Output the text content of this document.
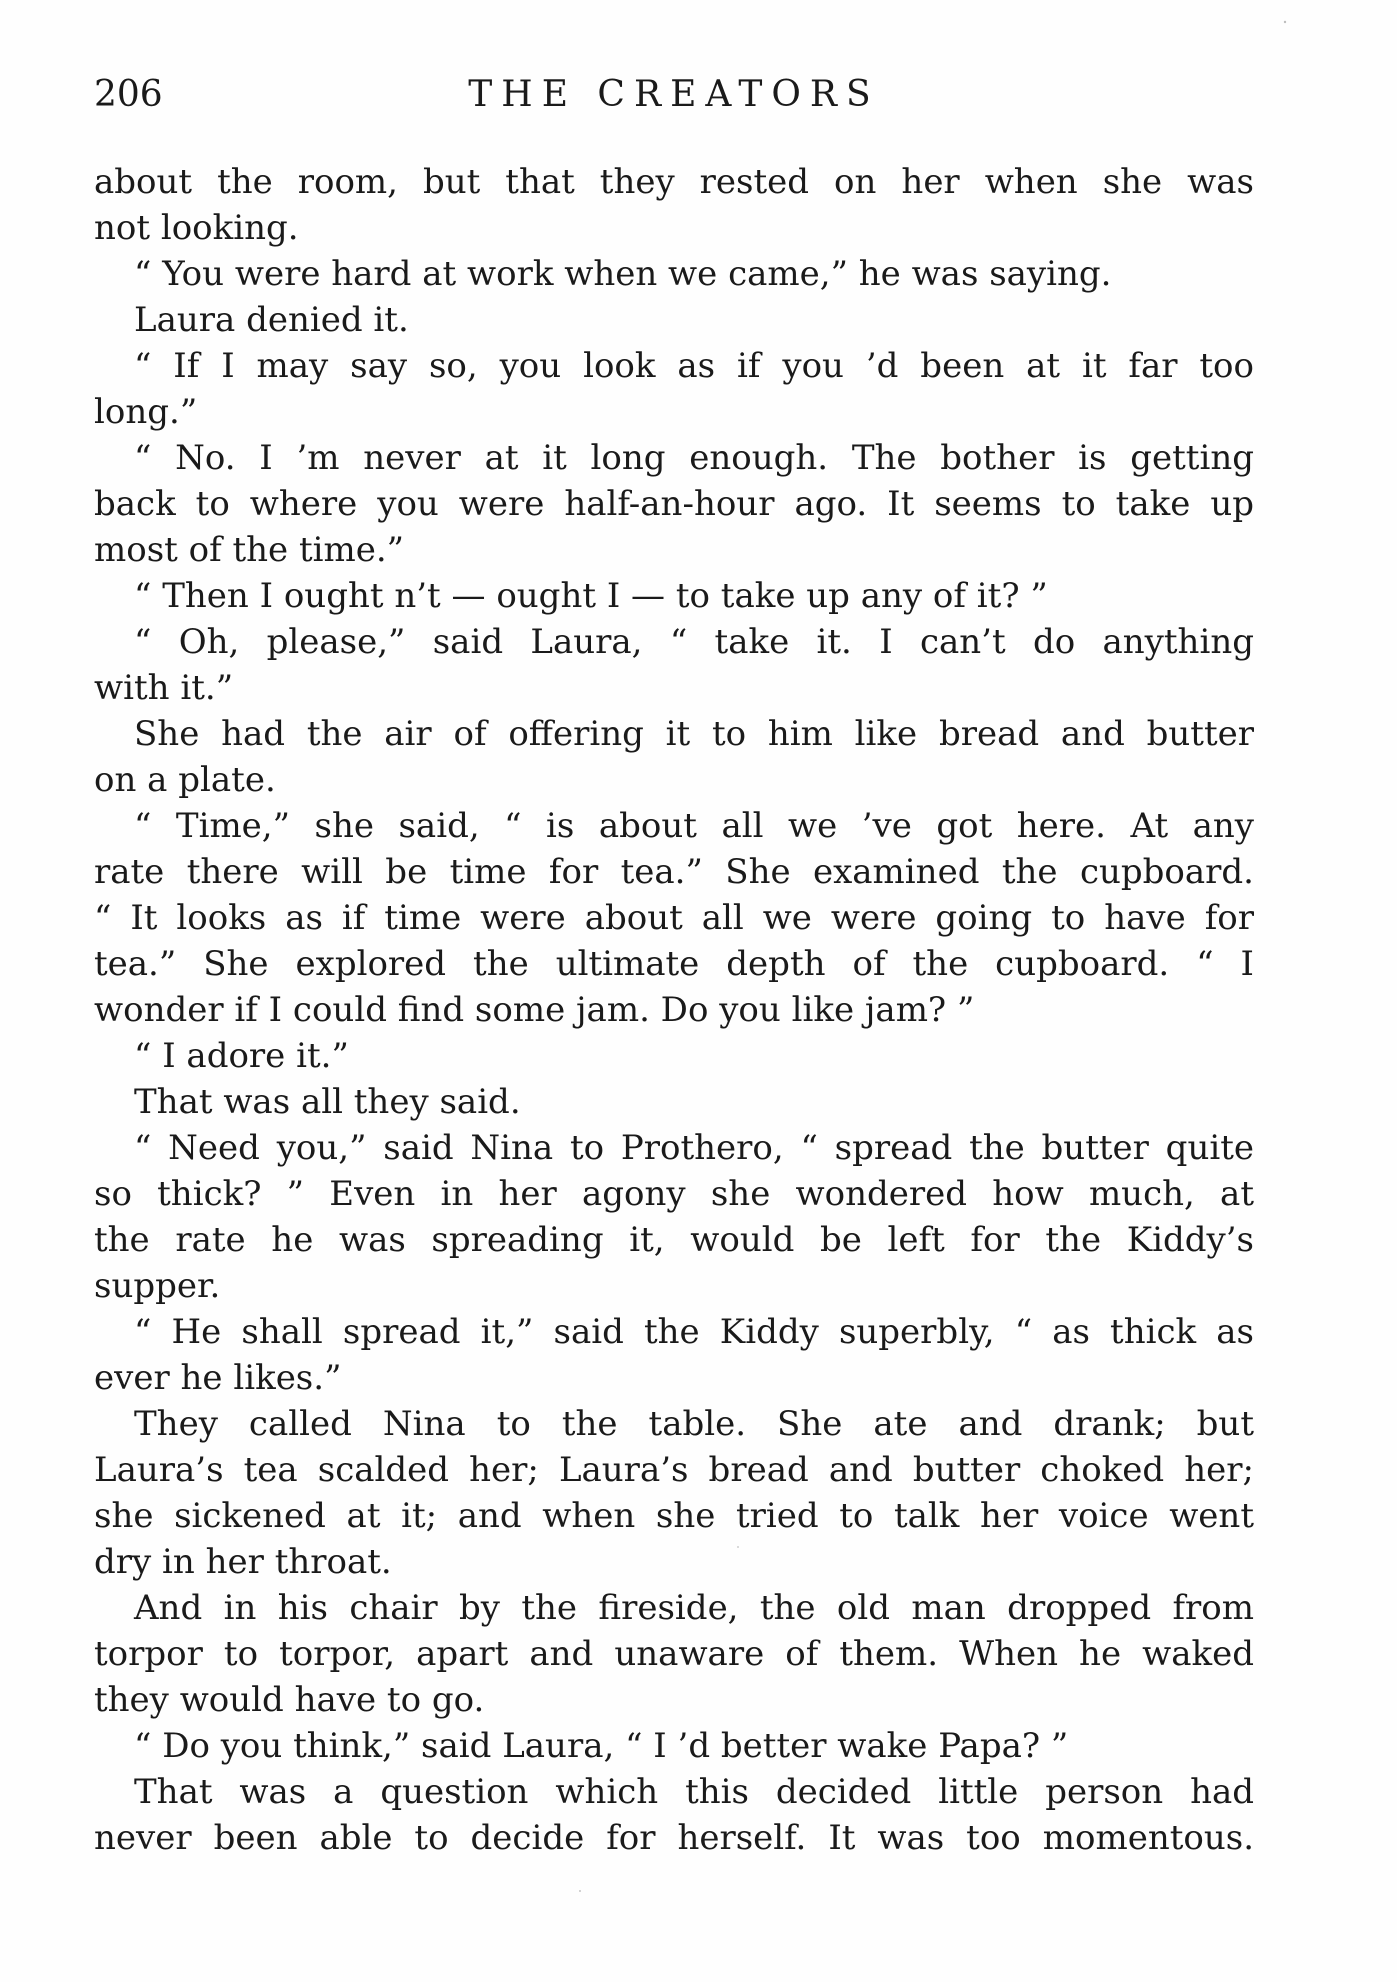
206	THE CREATORS
about the room, but that they rested on her when she was
not looking.
“ You were hard at work when we came,” he was saying.
Laura denied it.
“ If I may say so, you look as if you ’d been at it far too
long.”
“ No. I ’m never at it long enough. The bother is getting
back to where you were half-an-hour ago. It seems to take up
most of the time.”
“ Then I ought n’t — ought I — to take up any of it? ”
“ Oh, please,” said Laura, “ take it. I can’t do anything
with it.”
She had the air of offering it to him like bread and butter
on a plate.
“ Time,” she said, “ is about all we ’ve got here. At any
rate there will be time for tea.” She examined the cupboard.
“ It looks as if time were about all we were going to have for
tea.” She explored the ultimate depth of the cupboard. “ I
wonder if I could find some jam. Do you like jam? ”
“ I adore it.”
That was all they said.
“ Need you,” said Nina to Prothero, “ spread the butter quite
so thick? ” Even in her agony she wondered how much, at
the rate he was spreading it, would be left for the Kiddy’s
supper.
“ He shall spread it,” said the Kiddy superbly, “ as thick as
ever he likes.”
They called Nina to the table. She ate and drank; but
Laura’s tea scalded her; Laura’s bread and butter choked her;
she sickened at it; and when she tried to talk her voice went
dry in her throat.
And in his chair by the fireside, the old man dropped from
torpor to torpor, apart and unaware of them. When he waked
they would have to go.
“ Do you think,” said Laura, “ I ’d better wake Papa? ”
That was a question which this decided little person had
never been able to decide for herself. It was too momentous.
